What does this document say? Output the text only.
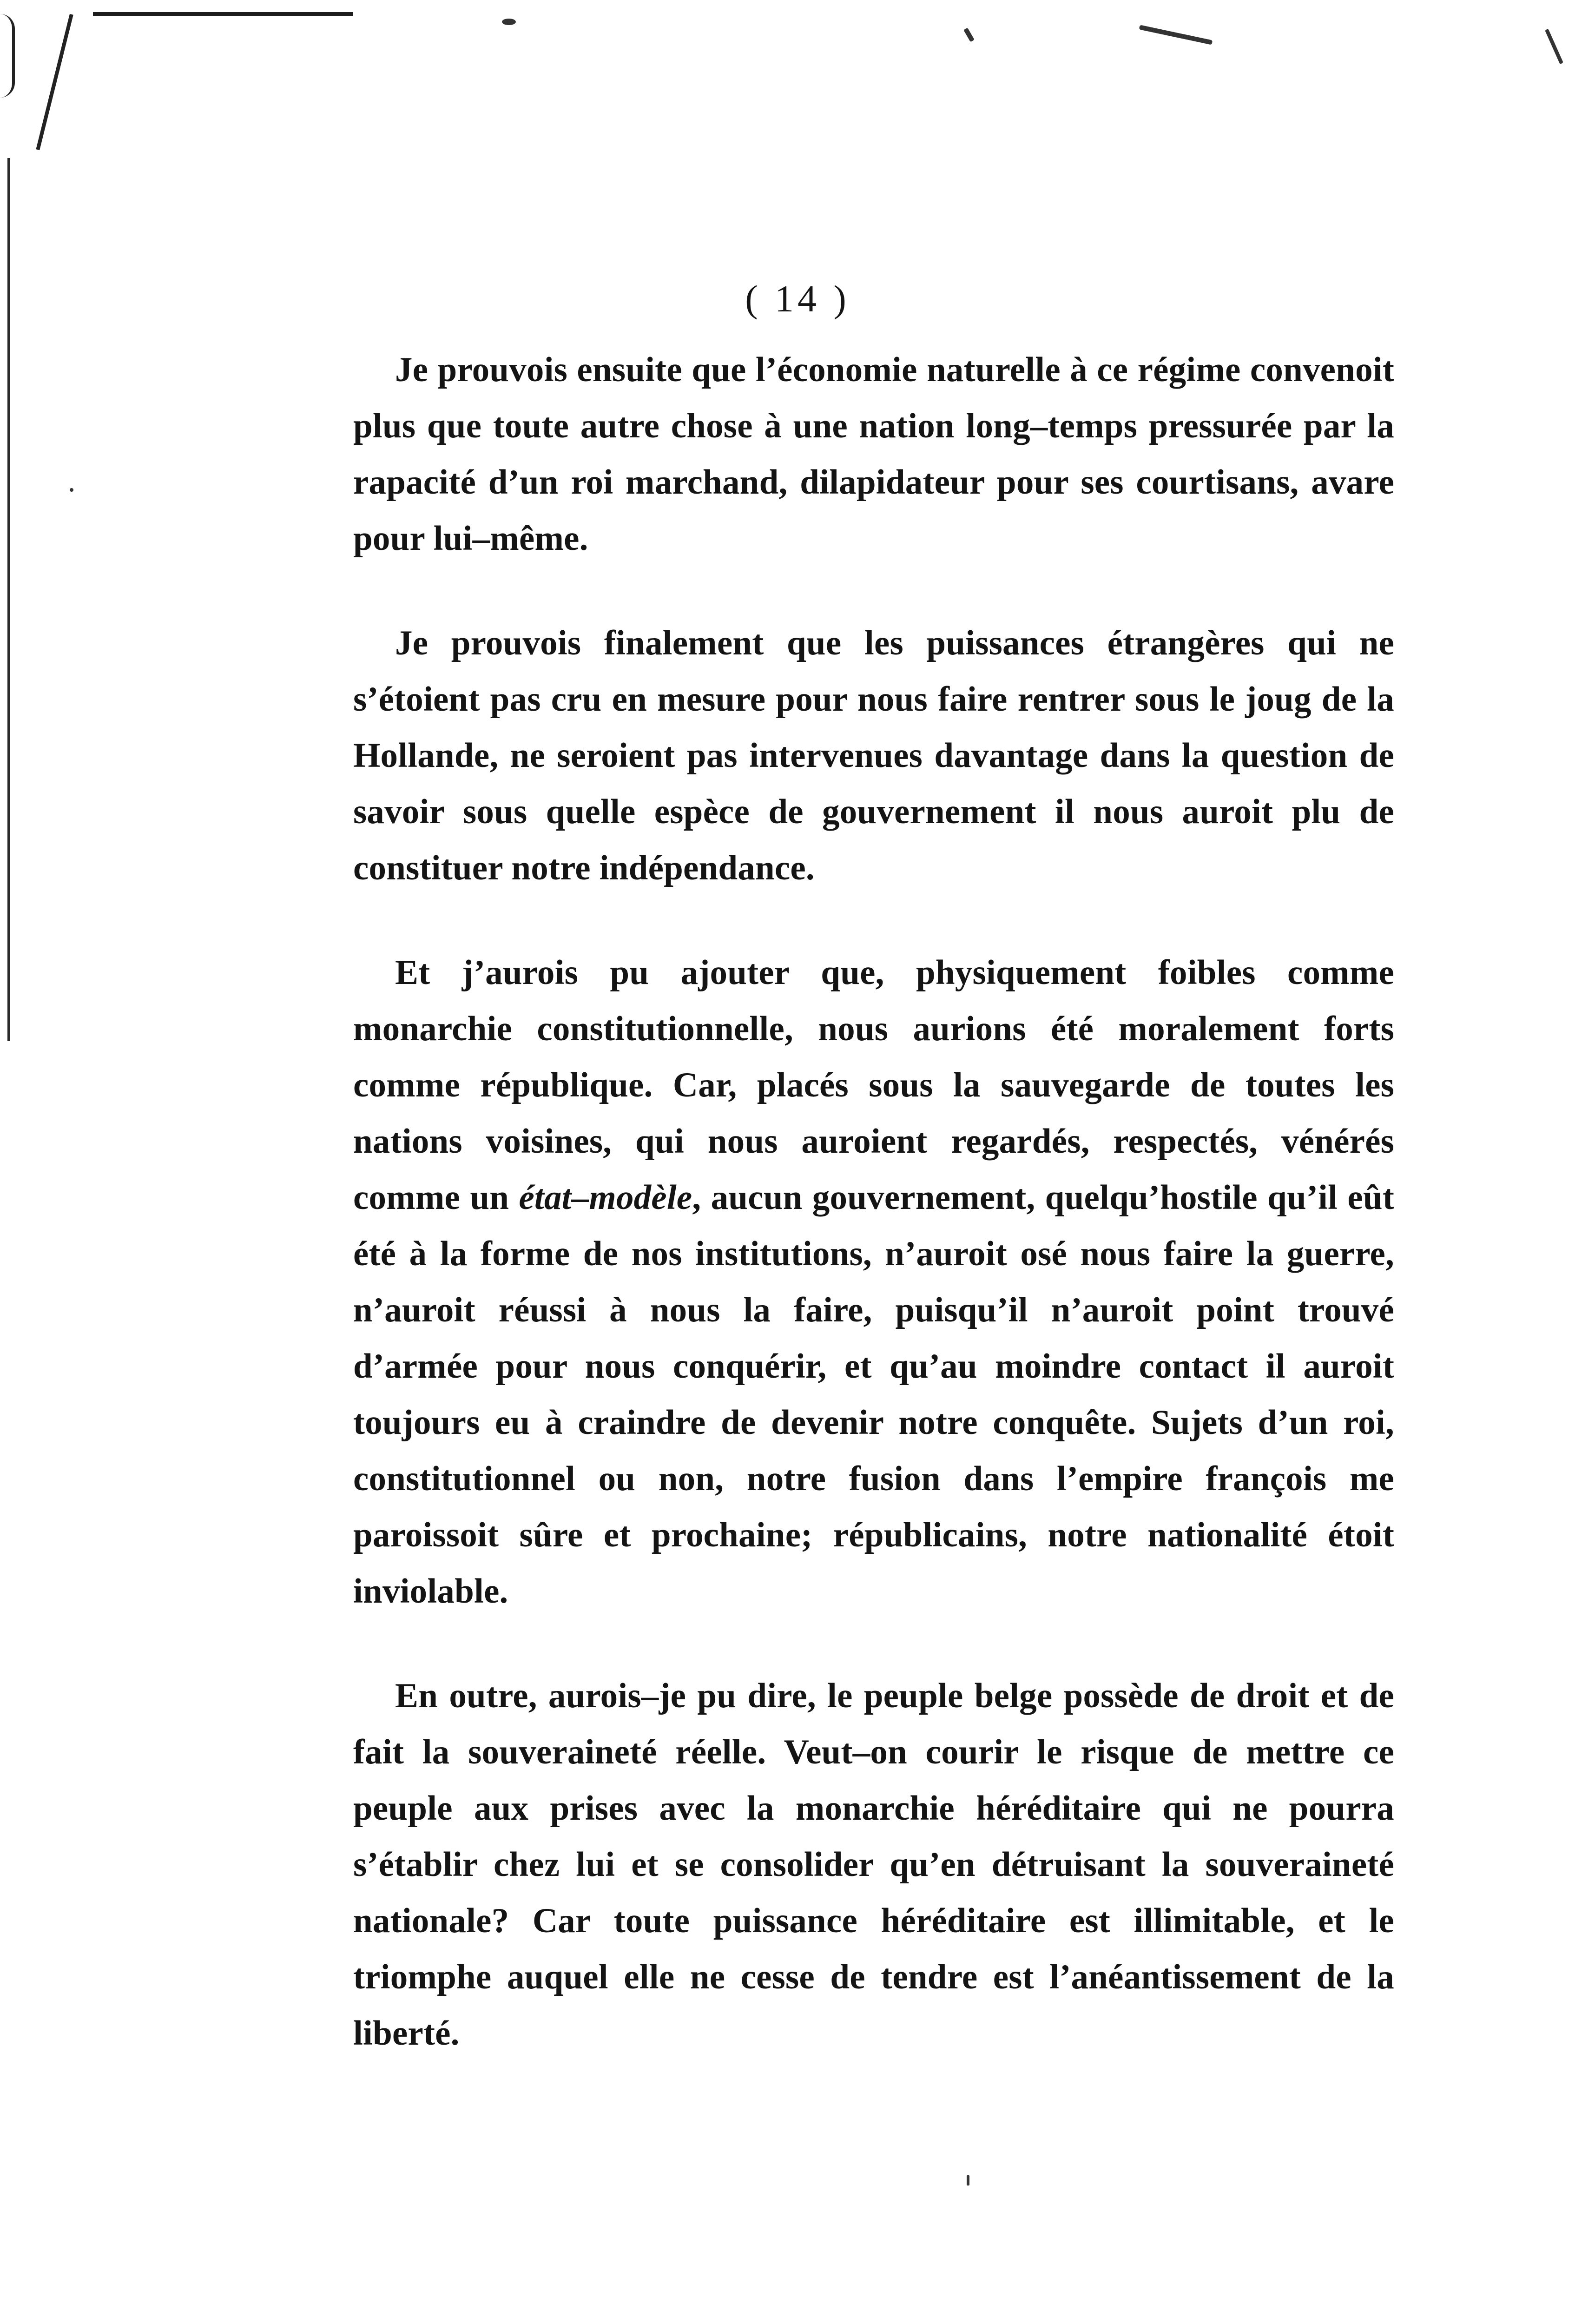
( 14 )

Je prouvois ensuite que l’économie naturelle à ce régime convenoit plus que toute autre chose à une nation long–temps pressurée par la rapacité d’un roi marchand, dilapidateur pour ses courtisans, avare pour lui–même.

Je prouvois finalement que les puissances étrangères qui ne s’étoient pas cru en mesure pour nous faire rentrer sous le joug de la Hollande, ne seroient pas intervenues davantage dans la question de savoir sous quelle espèce de gouvernement il nous auroit plu de constituer notre indépendance.

Et j’aurois pu ajouter que, physiquement foibles comme monarchie constitutionnelle, nous aurions été moralement forts comme république. Car, placés sous la sauvegarde de toutes les nations voisines, qui nous auroient regardés, respectés, vénérés comme un état–modèle, aucun gouvernement, quelqu’hostile qu’il eût été à la forme de nos institutions, n’auroit osé nous faire la guerre, n’auroit réussi à nous la faire, puisqu’il n’auroit point trouvé d’armée pour nous conquérir, et qu’au moindre contact il auroit toujours eu à craindre de devenir notre conquête. Sujets d’un roi, constitutionnel ou non, notre fusion dans l’empire françois me paroissoit sûre et prochaine; républicains, notre nationalité étoit inviolable.

En outre, aurois–je pu dire, le peuple belge possède de droit et de fait la souveraineté réelle. Veut–on courir le risque de mettre ce peuple aux prises avec la monarchie héréditaire qui ne pourra s’établir chez lui et se consolider qu’en détruisant la souveraineté nationale? Car toute puissance héréditaire est illimitable, et le triomphe auquel elle ne cesse de tendre est l’anéantissement de la liberté.
